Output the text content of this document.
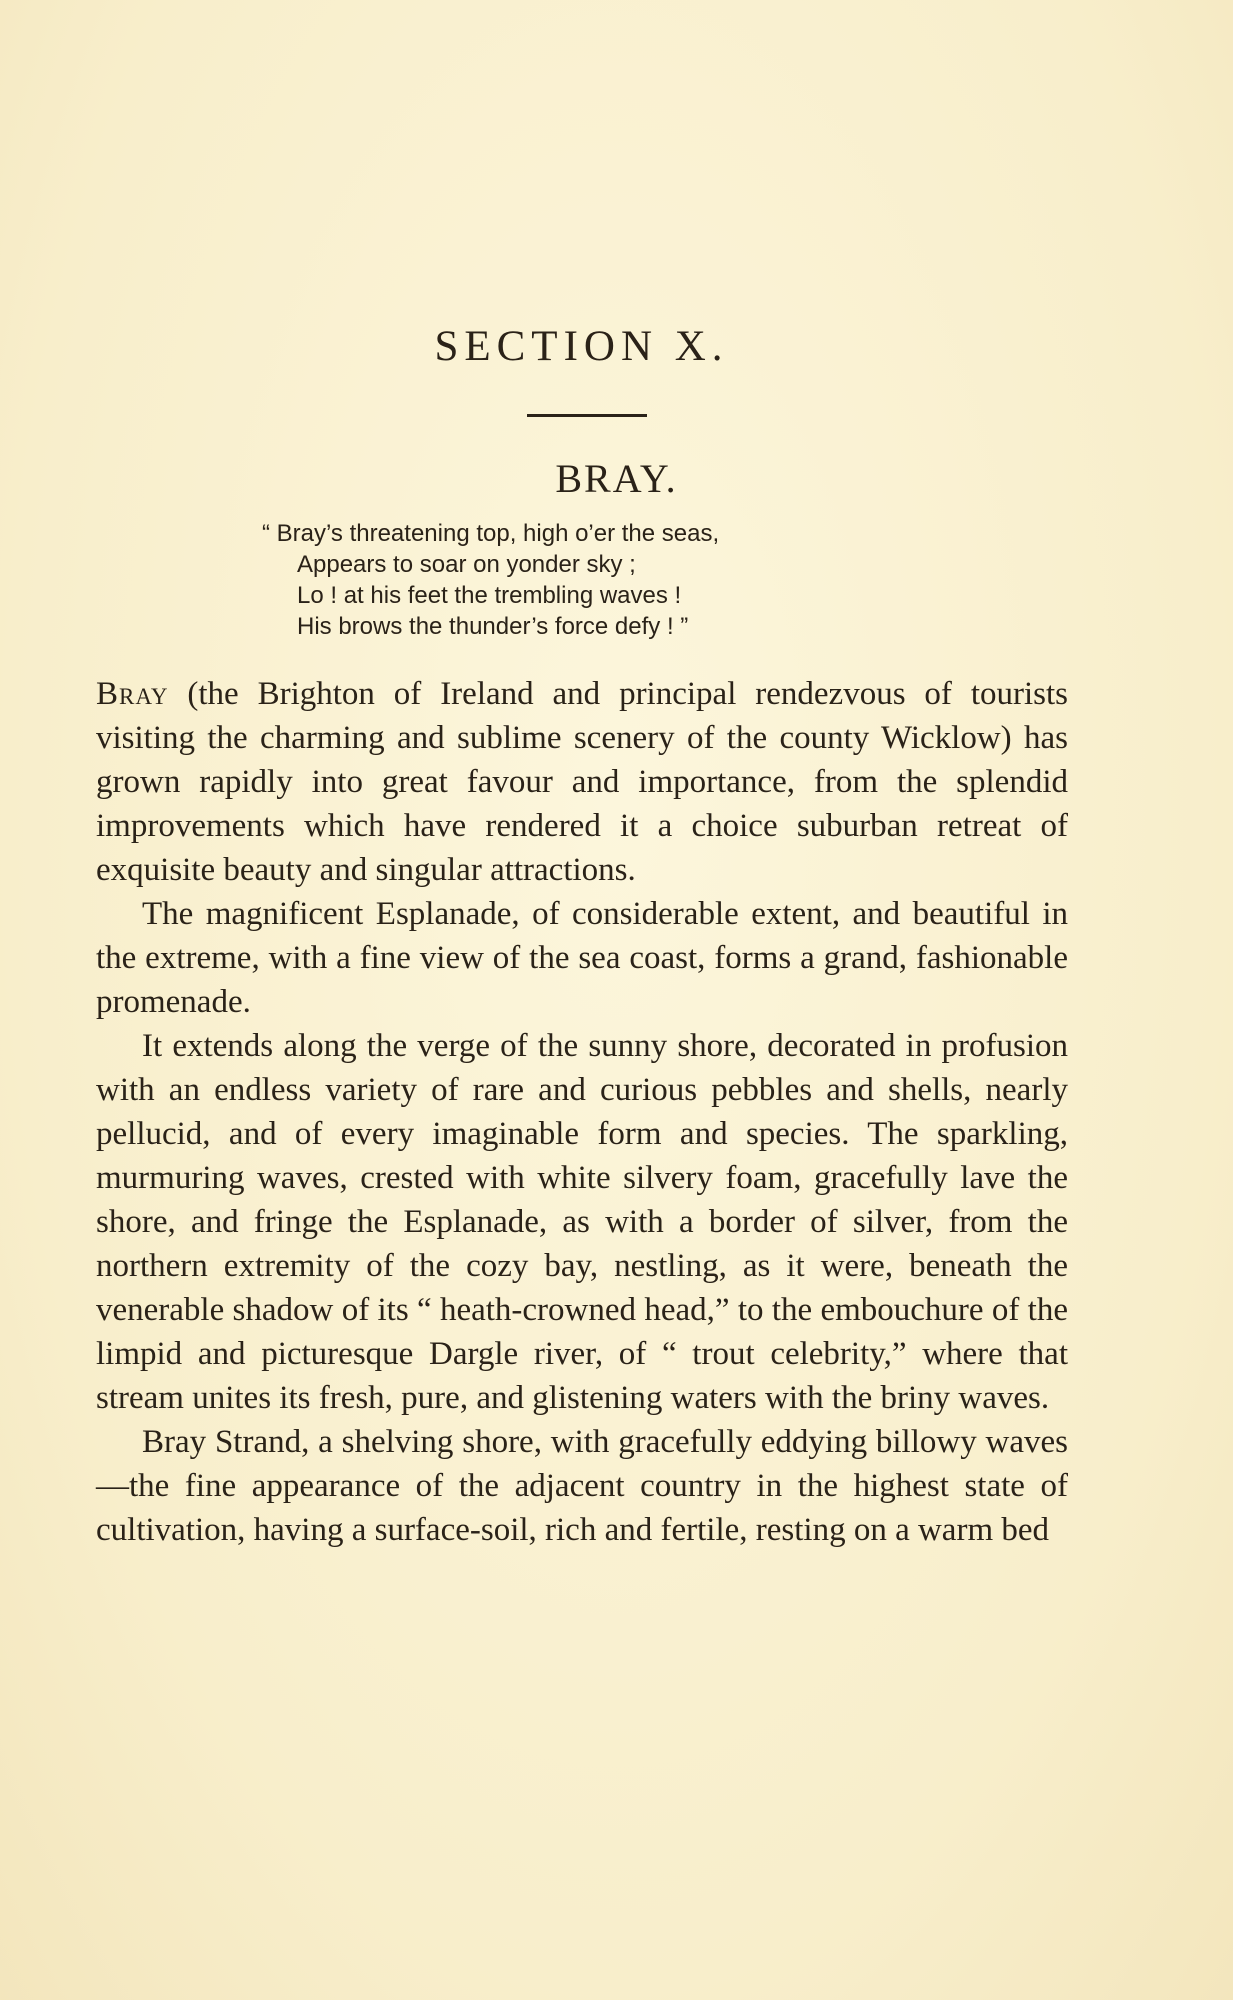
SECTION X.
BRAY.
“ Bray’s threatening top, high o’er the seas,
Appears to soar on yonder sky ;
Lo ! at his feet the trembling waves !
His brows the thunder’s force defy ! ”

Bray (the Brighton of Ireland and principal rendezvous of tourists visiting the charming and sublime scenery of the county Wicklow) has grown rapidly into great favour and importance, from the splendid improvements which have rendered it a choice suburban retreat of exquisite beauty and singular attractions.

The magnificent Esplanade, of considerable extent, and beautiful in the extreme, with a fine view of the sea coast, forms a grand, fashionable promenade.

It extends along the verge of the sunny shore, decorated in profusion with an endless variety of rare and curious pebbles and shells, nearly pellucid, and of every imaginable form and species. The sparkling, murmuring waves, crested with white silvery foam, gracefully lave the shore, and fringe the Esplanade, as with a border of silver, from the northern extremity of the cozy bay, nestling, as it were, beneath the venerable shadow of its “ heath-crowned head,” to the embouchure of the limpid and picturesque Dargle river, of “ trout celebrity,” where that stream unites its fresh, pure, and glistening waters with the briny waves.

Bray Strand, a shelving shore, with gracefully eddying billowy waves—the fine appearance of the adjacent country in the highest state of cultivation, having a surface-soil, rich and fertile, resting on a warm bed
